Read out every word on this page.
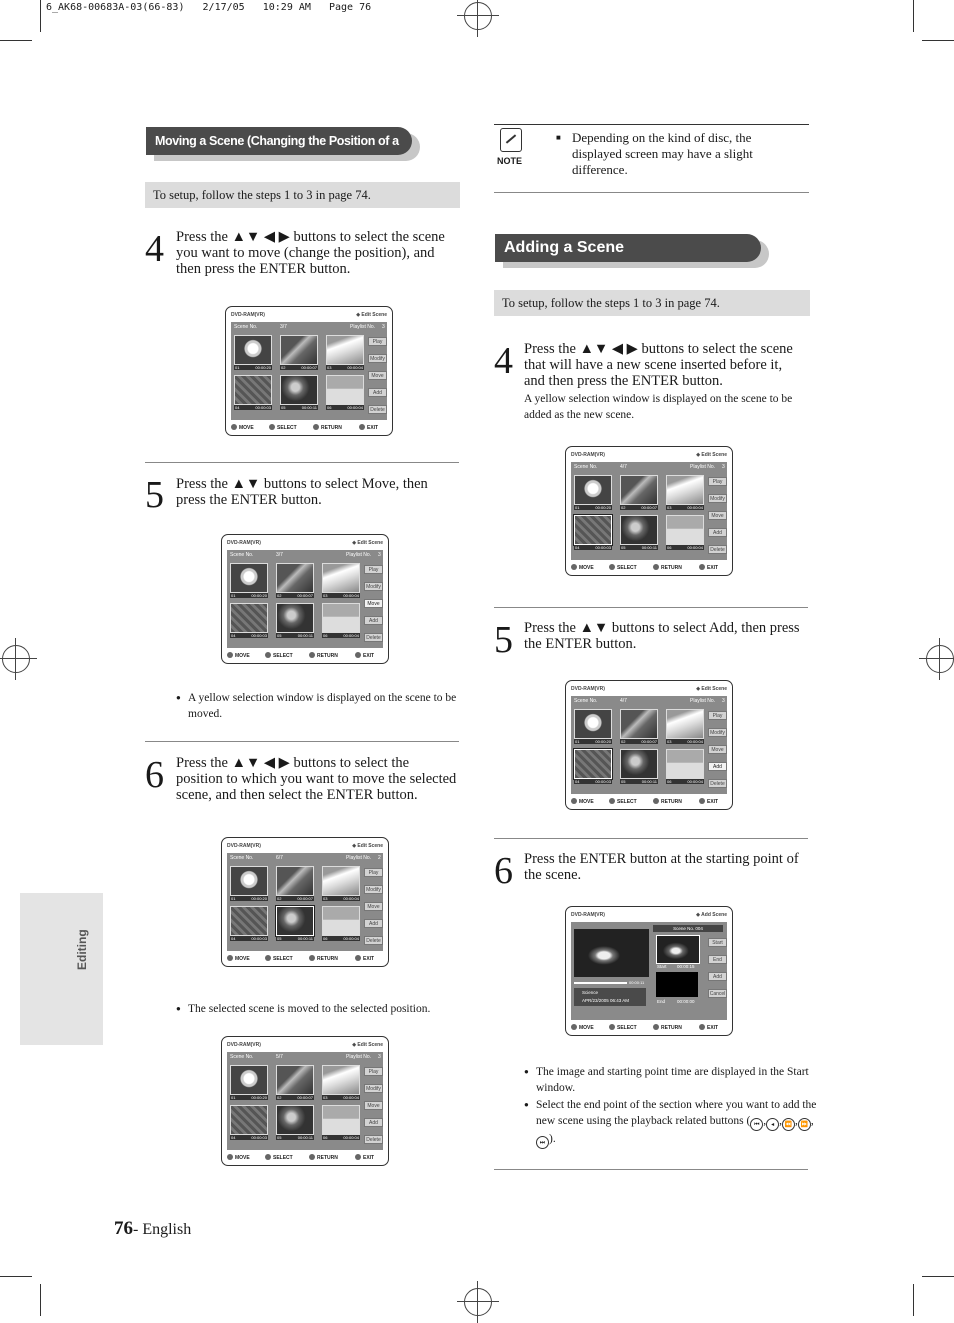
6_AK68-00683A-03(66-83)   2/17/05   10:29 AM   Page 76
Editing
Moving a Scene (Changing the Position of a Scene)
To setup, follow the steps 1 to 3 in page 74.
4 Press the ▲▼ ◀ ▶ buttons to select the scene you want to move (change the position), and then press the ENTER button.
DVD-RAM(VR)	◈ Edit Scene
Scene No.	3/7	Playlist No. 3
01	00:00:20	02	00:00:07	03	00:00:04
04	00:00:03	05	00:00:11	06	00:00:04
Play
Modify
Move
Add
Delete
MOVE	SELECT	RETURN	EXIT
5 Press the ▲▼ buttons to select Move, then press the ENTER button.
DVD-RAM(VR)	◈ Edit Scene
Scene No.	3/7	Playlist No. 3
01	00:00:20	02	00:00:07	03	00:00:04
04	00:00:03	05	00:00:11	06	00:00:04
Play
Modify
Move
Add
Delete
MOVE	SELECT	RETURN	EXIT
● A yellow selection window is displayed on the scene to be moved.
6 Press the ▲▼ ◀ ▶ buttons to select the position to which you want to move the selected scene, and then select the ENTER button.
DVD-RAM(VR)	◈ Edit Scene
Scene No.	6/7	Playlist No. 2
01	00:00:20	02	00:00:07	03	00:00:04
04	00:00:03	05	00:00:11	06	00:00:04
Play
Modify
Move
Add
Delete
MOVE	SELECT	RETURN	EXIT
● The selected scene is moved to the selected position.
DVD-RAM(VR)	◈ Edit Scene
Scene No.	5/7	Playlist No. 3
01	00:00:20	02	00:00:07	03	00:00:04
04	00:00:03	05	00:00:11	06	00:00:04
Play
Modify
Move
Add
Delete
MOVE	SELECT	RETURN	EXIT
NOTE
■ Depending on the kind of disc, the displayed screen may have a slight difference.
Adding a Scene
To setup, follow the steps 1 to 3 in page 74.
4 Press the ▲▼ ◀ ▶ buttons to select the scene that will have a new scene inserted before it, and then press the ENTER button.
A yellow selection window is displayed on the scene to be added as the new scene.
DVD-RAM(VR)	◈ Edit Scene
Scene No.	4/7	Playlist No. 3
01	00:00:20	02	00:00:07	03	00:00:04
04	00:00:03	05	00:00:11	06	00:00:04
Play
Modify
Move
Add
Delete
MOVE	SELECT	RETURN	EXIT
5 Press the ▲▼ buttons to select Add, then press the ENTER button.
DVD-RAM(VR)	◈ Edit Scene
Scene No.	4/7	Playlist No. 3
01	00:00:20	02	00:00:07	03	00:00:04
04	00:00:03	05	00:00:11	06	00:00:04
Play
Modify
Move
Add
Delete
MOVE	SELECT	RETURN	EXIT
6 Press the ENTER button at the starting point of the scene.
DVD-RAM(VR)	◈ Add Scene
00:00:11
Science
APR/23/2005 06:43 AM
Scene No. 004
Start 00:00:15
End	00:00:00
Start
End
Add
Cancel
MOVE	SELECT	RETURN	EXIT
● The image and starting point time are displayed in the Start window.
● Select the end point of the section where you want to add the new scene using the playback related buttons ( ⏮ , ◂ , ⏪ , ⏩ ,⏭ ).
76- English
